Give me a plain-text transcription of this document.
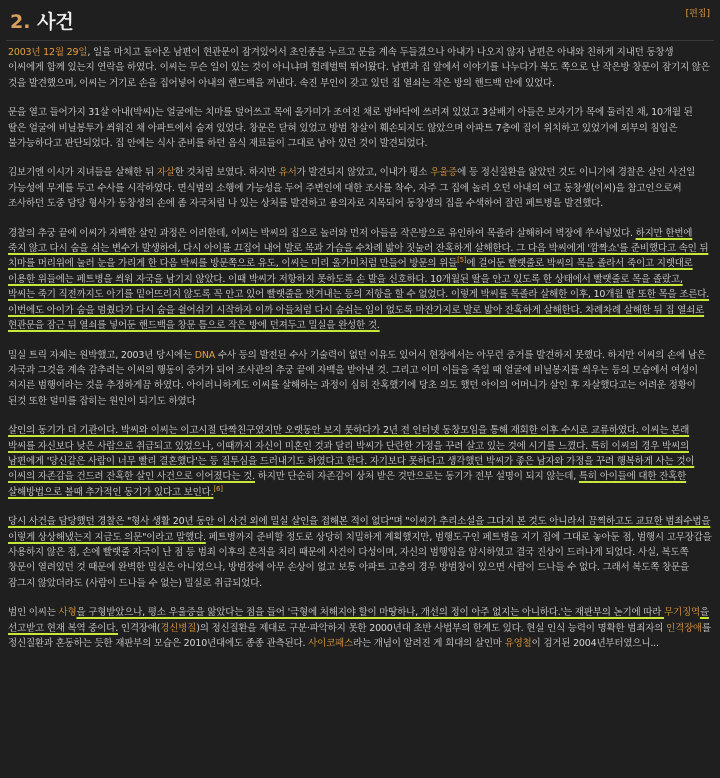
2. 사건	[편집]

2003년 12월 29일, 일을 마치고 돌아온 남편이 현관문이 잠겨있어서 초인종을 누르고 문을 계속 두들겼으나 아내가 나오지 않자 남편은 아내와 친하게 지내던 동창생 이씨에게 함께 있는지 연락을 하였다. 이씨는 무슨 일이 있는 것이 아니냐며 헐레벌떡 뛰어왔다. 남편과 집 앞에서 이야기를 나누다가 복도 쪽으로 난 작은방 창문이 잠기지 않은 것을 발견했으며, 이씨는 거기로 손을 집어넣어 아내의 핸드백을 꺼낸다. 속진 부인이 갖고 있던 집 열쇠는 작은 방의 핸드백 안에 있었다.

문을 열고 들어가지 31살 아내(박씨)는 얼굴에는 치마를 덮어쓰고 목에 올가미가 조여진 채로 방바닥에 쓰러져 있었고 3살배기 아들은 보자기가 목에 둘러진 채, 10개월 된 딸은 얼굴에 비닐봉투가 씌워진 채 아파트에서 숨져 있었다. 창문은 닫혀 있었고 방범 창살이 훼손되지도 않았으며 아파트 7층에 집이 위치하고 있었기에 외부의 침입은 불가능하다고 판단되었다. 집 안에는 식사 준비를 하던 음식 재료들이 그대로 남아 있던 것이 발견되었다.

김보기엔 이시가 지녀들을 살해한 뒤 자살한 것처럼 보였다. 하지만 유서가 발견되지 않았고, 이내가 평소 우울증에 등 정신질환을 앓았던 것도 이니기에 경찰은 살인 사건일 가능성에 무게를 두고 수사를 시작하였다. 면식범의 소행에 가능성을 두어 주변인에 대한 조사를 착수, 자주 그 집에 놀러 오던 아내의 여고 동창생(이씨)을 참고인으로써 조사하던 도중 담당 형사가 동창생의 손에 좀 자국처럼 나 있는 상처를 발견하고 용의자로 지목되어 동창생의 집을 수색하여 잘린 페트병을 발견했다.

경찰의 추궁 끝에 이씨가 자백한 살인 과정은 이러한데, 이씨는 박씨의 집으로 놀러와 먼저 아들을 작은방으로 유인하여 목졸라 살해하여 벽장에 쑤셔넣었다. 하지만 한번에 죽지 않고 다시 숨을 쉬는 변수가 발생하여, 다시 아이를 끄집어 내어 발로 목과 가슴을 수차례 밟아 짓눌러 잔혹하게 살해한다. 그 다음 박씨에게 '깜짝쇼'를 준비했다고 속인 뒤 치마를 머리위에 눌러 눈을 가리게 한 다음 박씨를 방문쪽으로 유도, 이씨는 미리 올가미처럼 만들어 방문의 위들[5]에 걸어둔 빨랫줄로 박씨의 목을 졸라서 죽이고 지렛대로 이용한 위들에는 페트병을 씌워 자국을 남기지 않았다. 이때 박씨가 저항하지 못하도록 손 발을 신호하다. 10개월된 딸을 안고 있도록 한 상태에서 빨랫줄로 목을 졸랐고, 박씨는 죽기 직전까지도 아기를 밑어뜨리지 않도록 꼭 안고 있어 빨랫줄을 벗겨내는 등의 저항을 할 수 없었다. 이렇게 박씨를 목졸라 살해한 이후, 10개월 딸 또한 목을 조른다. 이번에도 아이가 숨을 멈췄다가 다시 숨을 쉴어쉬기 시작하자 이까 아들처럼 다시 숨쉬는 입이 없도록 마잔가지로 발로 밟아 잔혹하게 살해한다. 차례차례 살해한 뒤 집 열쇠로 현관문을 잠근 뒤 열쇠를 넣어둔 핸드백을 창문 틈으로 작은 방에 던져두고 밀실을 완성한 것.

밀실 트릭 자체는 원박했고, 2003년 당시에는 DNA 수사 등의 발전된 수사 기술력이 없던 이유도 있어서 현장에서는 아무런 증거를 발견하지 못했다. 하지만 이씨의 손에 남은 자국과 그것을 계속 감추려는 이씨의 행동이 증거가 되어 조사관의 추궁 끝에 자백을 받아낸 것. 그리고 이미 이들을 죽일 때 얼굴에 비닐봉지를 씌우는 등의 모습에서 여성이 저지른 범행이라는 것을 추정하게끔 하였다. 아이러니하게도 이씨를 살해하는 과정이 심히 잔혹했기에 당초 의도 했던 아이의 어머니가 살인 후 자살했다고는 어려운 정황이 된것 또한 덜미를 잡히는 원인이 되기도 하였다

살인의 동기가 더 기관이다. 박씨와 이씨는 이고시절 단짝친구였지만 오랫동안 보지 못하다가 2년 전 인터넷 동창모임을 통해 재회한 이후 수시로 교류하였다. 이씨는 본래 박씨를 자신보다 낮은 사람으로 취급되고 있었으나, 이때까지 자신이 미혼인 것과 달리 박씨가 단란한 가정을 꾸려 살고 있는 것에 시기를 느꼈다. 특히 이씨의 경우 박씨의 남편에게 '당신같은 사람이 너무 빨리 결혼했다'는 등 질투심을 드러내기도 하였다고 한다. 자기보다 못하다고 생각했던 박씨가 좋은 남자와 가정을 꾸려 행복하게 사는 것이 이씨의 자존감을 건드려 잔혹한 살인 사건으로 이어졌다는 것. 하지만 단순히 자존감이 상처 받은 것만으로는 동기가 전부 설명이 되지 않는데, 특히 아이들에 대한 잔혹한 살해방법으로 볼때 추가적인 동기가 있다고 보인다.[6]

당시 사건을 담당했던 경찰은 "형사 생활 20년 동안 이 사건 외에 밀실 살인을 접해본 적이 없다"며 "이씨가 추리소설을 그다지 본 것도 아니라서 끔찍하고도 교묘한 범죄수법을 이렇게 상상해냈는지 지금도 의문"이라고 말했다. 페트병까지 준비할 정도로 상당히 치밀하게 계획했지만, 범행도구인 페트병을 지기 집에 그대로 놓아둔 점, 범행시 고무장갑을 사용하지 않은 점, 손에 빨랫줄 자국이 난 점 등 범죄 이후의 흔적을 처리 때문에 사건이 다성이며, 자신의 범행임을 암시하였고 결국 진상이 드러나게 되었다. 사실, 복도쪽 창문이 열려있던 것 때문에 완벽한 밀실은 아니었으나, 방범장에 아무 손상이 없고 보통 아파트 고층의 경우 방범창이 있으면 사람이 드나들 수 없다. 그래서 복도쪽 창문을 잠그지 않았더라도 (사람이 드나들 수 없는) 밀실로 취급되었다.

범인 이씨는 사형을 구형받았으나, 평소 우울증을 앓았다는 점을 들어 '극형에 처해지야 할이 마땅하나, 개선의 정이 아주 없지는 아니하다.'는 재판부의 논기에 따라 무기징역을 선고받고 현재 복역 중이다. 인격장애(경신병질)의 정신질환을 제대로 구분·파악하지 못한 2000년대 초반 사법부의 한계도 있다. 현실 인식 능력이 명확한 범죄자의 인격장애를 정신질환과 혼동하는 듯한 재판부의 모습은 2010년대에도 종종 관측된다. 사이코패스라는 개념이 알려진 게 희대의 살인마 유영철이 검거된 2004년부터였으니...
